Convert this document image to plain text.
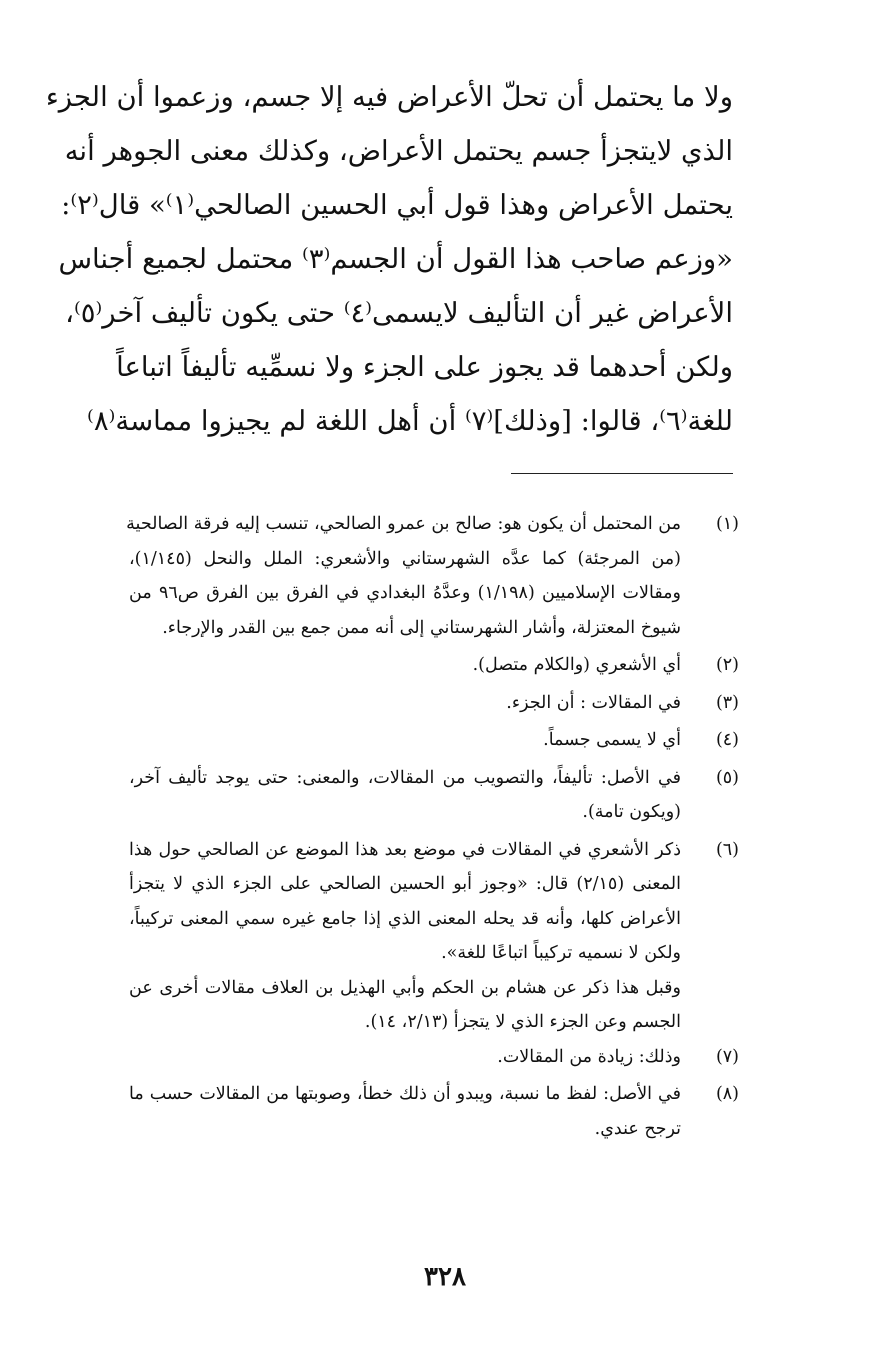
ولا ما يحتمل أن تحلّ الأعراض فيه إلا جسم، وزعموا أن الجزء
الذي لايتجزأ جسم يحتمل الأعراض، وكذلك معنى الجوهر أنه
يحتمل الأعراض وهذا قول أبي الحسين الصالحي⁽١⁾» قال⁽٢⁾:
«وزعم صاحب هذا القول أن الجسم⁽٣⁾ محتمل لجميع أجناس
الأعراض غير أن التأليف لايسمى⁽٤⁾ حتى يكون تأليف آخر⁽٥⁾،
ولكن أحدهما قد يجوز على الجزء ولا نسمِّيه تأليفاً اتباعاً
للغة⁽٦⁾، قالوا: [وذلك]⁽٧⁾ أن أهل اللغة لم يجيزوا مماسة⁽٨⁾
(١)
من المحتمل أن يكون هو: صالح بن عمرو الصالحي، تنسب إليه فرقة الصالحية
(من المرجئة) كما عدَّه الشهرستاني والأشعري: الملل والنحل (١/١٤٥)،
ومقالات الإسلاميين (١/١٩٨) وعدَّهُ البغدادي في الفرق بين الفرق ص٩٦ من
شيوخ المعتزلة، وأشار الشهرستاني إلى أنه ممن جمع بين القدر والإرجاء.
(٢)
أي الأشعري (والكلام متصل).
(٣)
في المقالات : أن الجزء.
(٤)
أي لا يسمى جسماً.
(٥)
في الأصل: تأليفاً، والتصويب من المقالات، والمعنى: حتى يوجد تأليف آخر،
(ويكون تامة).
(٦)
ذكر الأشعري في المقالات في موضع بعد هذا الموضع عن الصالحي حول هذا
المعنى (٢/١٥) قال: «وجوز أبو الحسين الصالحي على الجزء الذي لا يتجزأ
الأعراض كلها، وأنه قد يحله المعنى الذي إذا جامع غيره سمي المعنى تركيباً،
ولكن لا نسميه تركيباً اتباعًا للغة».
وقبل هذا ذكر عن هشام بن الحكم وأبي الهذيل بن العلاف مقالات أخرى عن
الجسم وعن الجزء الذي لا يتجزأ (٢/١٣، ١٤).
(٧)
وذلك: زيادة من المقالات.
(٨)
في الأصل: لفظ ما نسبة، ويبدو أن ذلك خطأ، وصوبتها من المقالات حسب ما
ترجح عندي.
٣٢٨
